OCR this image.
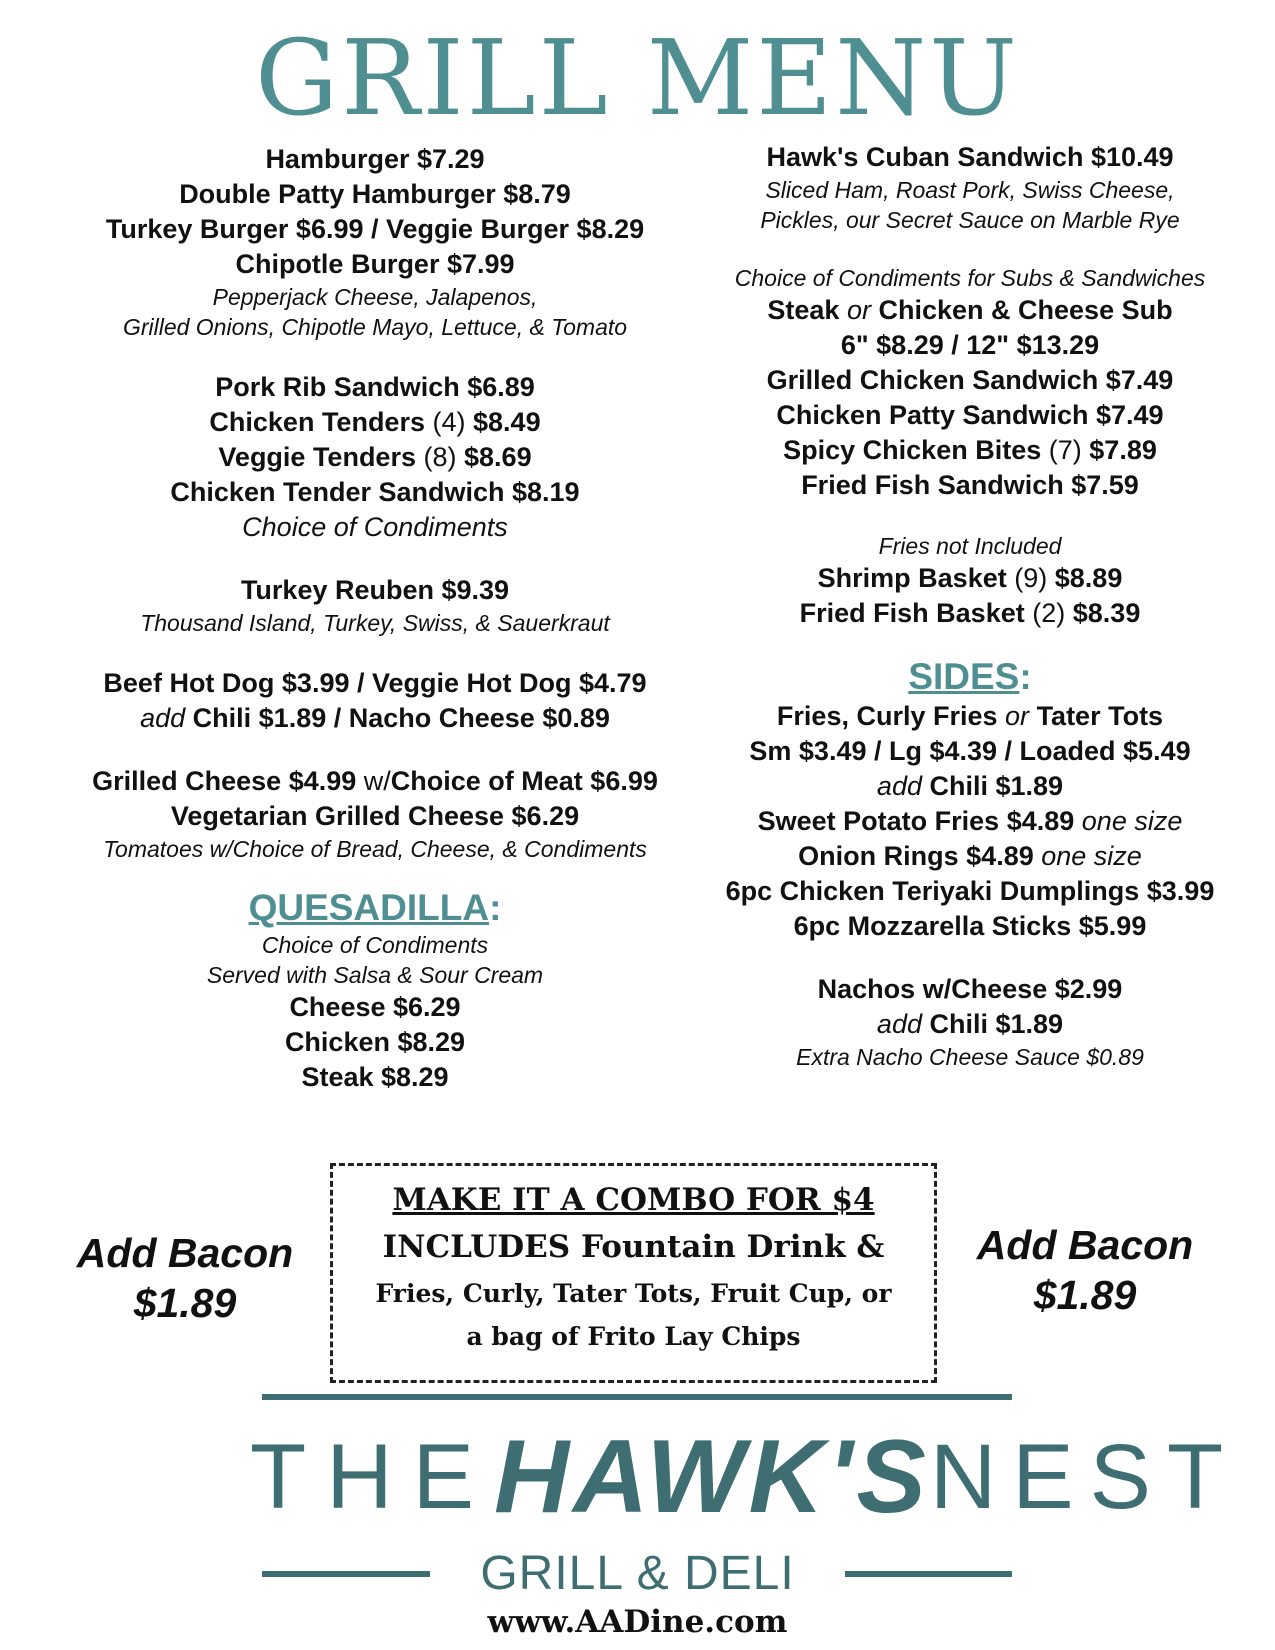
GRILL MENU
Hamburger $7.29
Double Patty Hamburger $8.79
Turkey Burger $6.99 / Veggie Burger $8.29
Chipotle Burger $7.99
Pepperjack Cheese, Jalapenos,
Grilled Onions, Chipotle Mayo, Lettuce, & Tomato
Pork Rib Sandwich $6.89
Chicken Tenders (4) $8.49
Veggie Tenders (8) $8.69
Chicken Tender Sandwich $8.19
Choice of Condiments
Turkey Reuben $9.39
Thousand Island, Turkey, Swiss, & Sauerkraut
Beef Hot Dog $3.99 / Veggie Hot Dog $4.79
add Chili $1.89 / Nacho Cheese $0.89
Grilled Cheese $4.99 w/Choice of Meat $6.99
Vegetarian Grilled Cheese $6.29
Tomatoes w/Choice of Bread, Cheese, & Condiments
QUESADILLA:
Choice of Condiments
Served with Salsa & Sour Cream
Cheese $6.29
Chicken $8.29
Steak $8.29
Hawk's Cuban Sandwich $10.49
Sliced Ham, Roast Pork, Swiss Cheese,
Pickles, our Secret Sauce on Marble Rye
Choice of Condiments for Subs & Sandwiches
Steak or Chicken & Cheese Sub
6" $8.29 / 12" $13.29
Grilled Chicken Sandwich $7.49
Chicken Patty Sandwich $7.49
Spicy Chicken Bites (7) $7.89
Fried Fish Sandwich $7.59
Fries not Included
Shrimp Basket (9) $8.89
Fried Fish Basket (2) $8.39
SIDES:
Fries, Curly Fries or Tater Tots
Sm $3.49 / Lg $4.39 / Loaded $5.49
add Chili $1.89
Sweet Potato Fries $4.89 one size
Onion Rings $4.89 one size
6pc Chicken Teriyaki Dumplings $3.99
6pc Mozzarella Sticks $5.99
Nachos w/Cheese $2.99
add Chili $1.89
Extra Nacho Cheese Sauce $0.89
Add Bacon
$1.89
Add Bacon
$1.89
MAKE IT A COMBO FOR $4
INCLUDES Fountain Drink &
Fries, Curly, Tater Tots, Fruit Cup, or
a bag of Frito Lay Chips
THE HAWK'S NEST
GRILL & DELI
www.AADine.com
